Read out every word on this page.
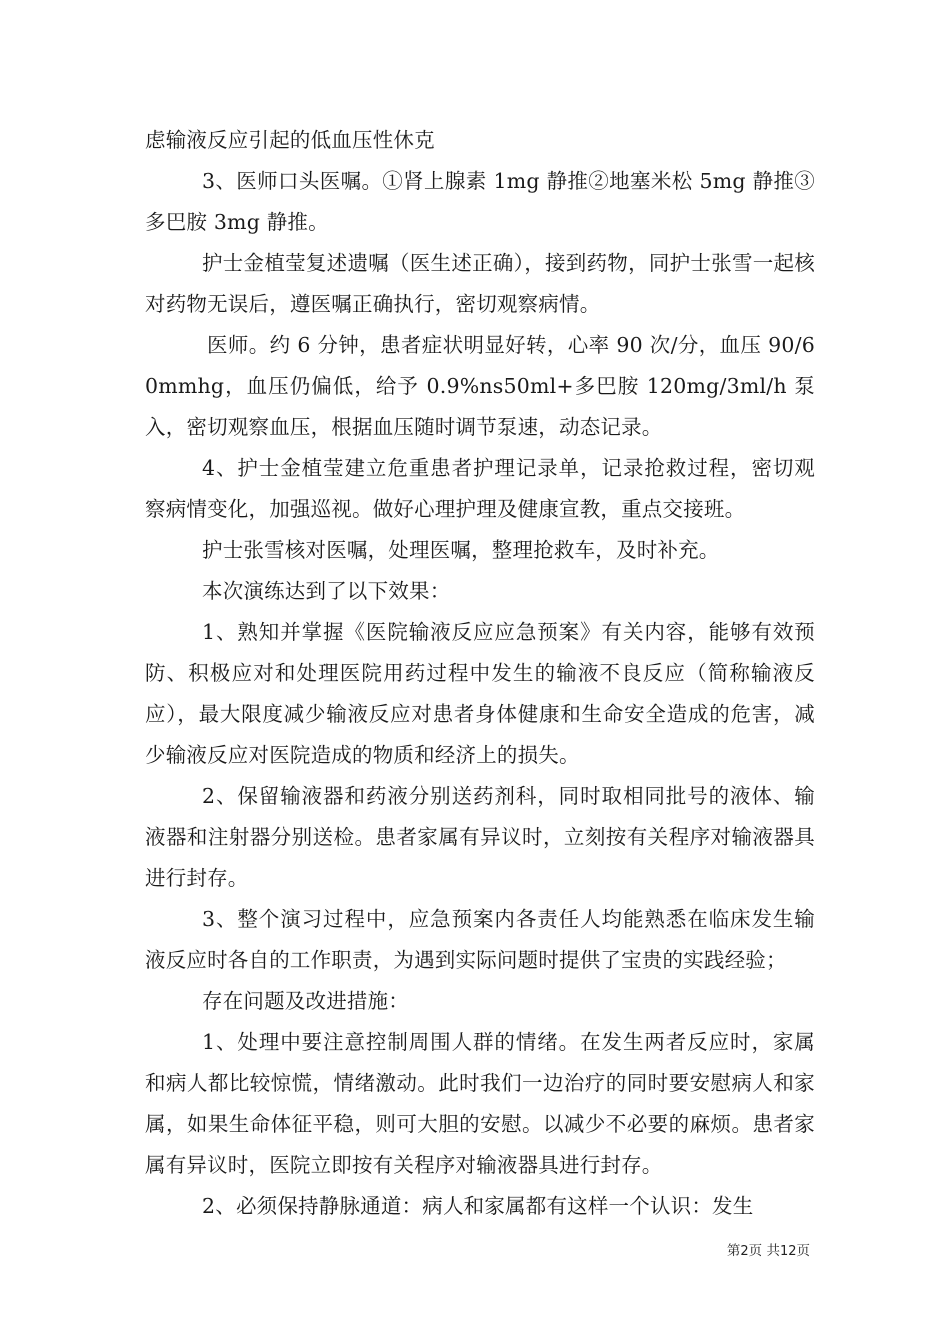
虑输液反应引起的低血压性休克

3、医师口头医嘱。①肾上腺素 1mg 静推②地塞米松 5mg 静推③多巴胺 3mg 静推。

护士金植莹复述遗嘱（医生述正确），接到药物，同护士张雪一起核对药物无误后，遵医嘱正确执行，密切观察病情。

医师。约 6 分钟，患者症状明显好转，心率 90 次/分，血压 90/60mmhg，血压仍偏低，给予 0.9%ns50ml+多巴胺 120mg/3ml/h 泵入，密切观察血压，根据血压随时调节泵速，动态记录。

4、护士金植莹建立危重患者护理记录单，记录抢救过程，密切观察病情变化，加强巡视。做好心理护理及健康宣教，重点交接班。

护士张雪核对医嘱，处理医嘱，整理抢救车，及时补充。

本次演练达到了以下效果：

1、熟知并掌握《医院输液反应应急预案》有关内容，能够有效预防、积极应对和处理医院用药过程中发生的输液不良反应（简称输液反应），最大限度减少输液反应对患者身体健康和生命安全造成的危害，减少输液反应对医院造成的物质和经济上的损失。

2、保留输液器和药液分别送药剂科，同时取相同批号的液体、输液器和注射器分别送检。患者家属有异议时，立刻按有关程序对输液器具进行封存。

3、整个演习过程中，应急预案内各责任人均能熟悉在临床发生输液反应时各自的工作职责，为遇到实际问题时提供了宝贵的实践经验；

存在问题及改进措施：

1、处理中要注意控制周围人群的情绪。在发生两者反应时，家属和病人都比较惊慌，情绪激动。此时我们一边治疗的同时要安慰病人和家属，如果生命体征平稳，则可大胆的安慰。以减少不必要的麻烦。患者家属有异议时，医院立即按有关程序对输液器具进行封存。

2、必须保持静脉通道：病人和家属都有这样一个认识：发生

第2页 共12页
